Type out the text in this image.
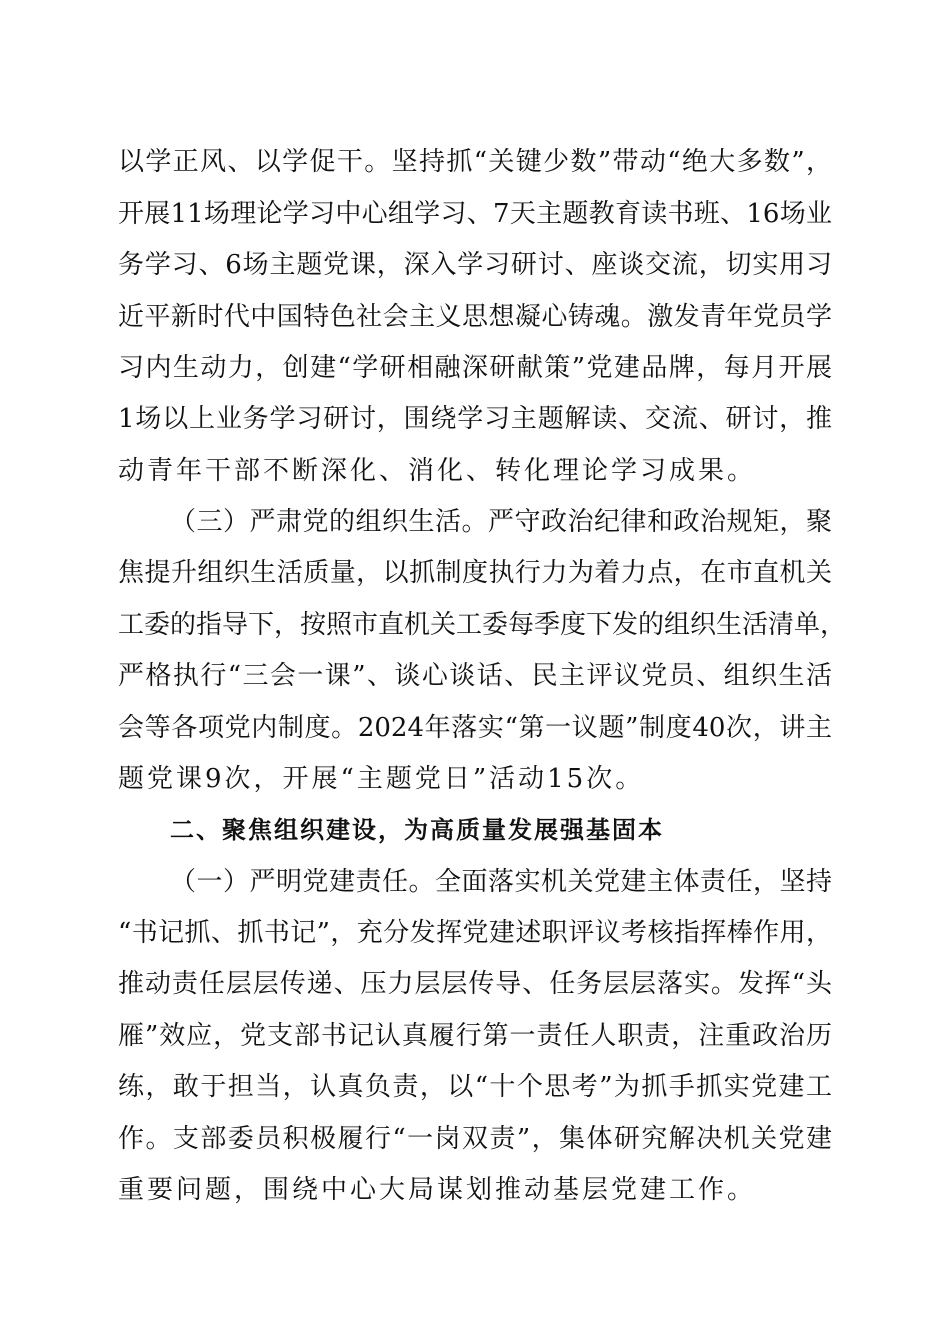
以学正风、以学促干。坚持抓“关键少数”带动“绝大多数”，
开展11场理论学习中心组学习、7天主题教育读书班、16场业
务学习、6场主题党课，深入学习研讨、座谈交流，切实用习
近平新时代中国特色社会主义思想凝心铸魂。激发青年党员学
习内生动力，创建“学研相融深研献策”党建品牌，每月开展
1场以上业务学习研讨，围绕学习主题解读、交流、研讨，推
动青年干部不断深化、消化、转化理论学习成果。
（三）严肃党的组织生活。严守政治纪律和政治规矩，聚
焦提升组织生活质量，以抓制度执行力为着力点，在市直机关
工委的指导下，按照市直机关工委每季度下发的组织生活清单，
严格执行“三会一课”、谈心谈话、民主评议党员、组织生活
会等各项党内制度。2024年落实“第一议题”制度40次，讲主
题党课9次，开展“主题党日”活动15次。
二、聚焦组织建设，为高质量发展强基固本
（一）严明党建责任。全面落实机关党建主体责任，坚持
“书记抓、抓书记”，充分发挥党建述职评议考核指挥棒作用，
推动责任层层传递、压力层层传导、任务层层落实。发挥“头
雁”效应，党支部书记认真履行第一责任人职责，注重政治历
练，敢于担当，认真负责，以“十个思考”为抓手抓实党建工
作。支部委员积极履行“一岗双责”，集体研究解决机关党建
重要问题，围绕中心大局谋划推动基层党建工作。
